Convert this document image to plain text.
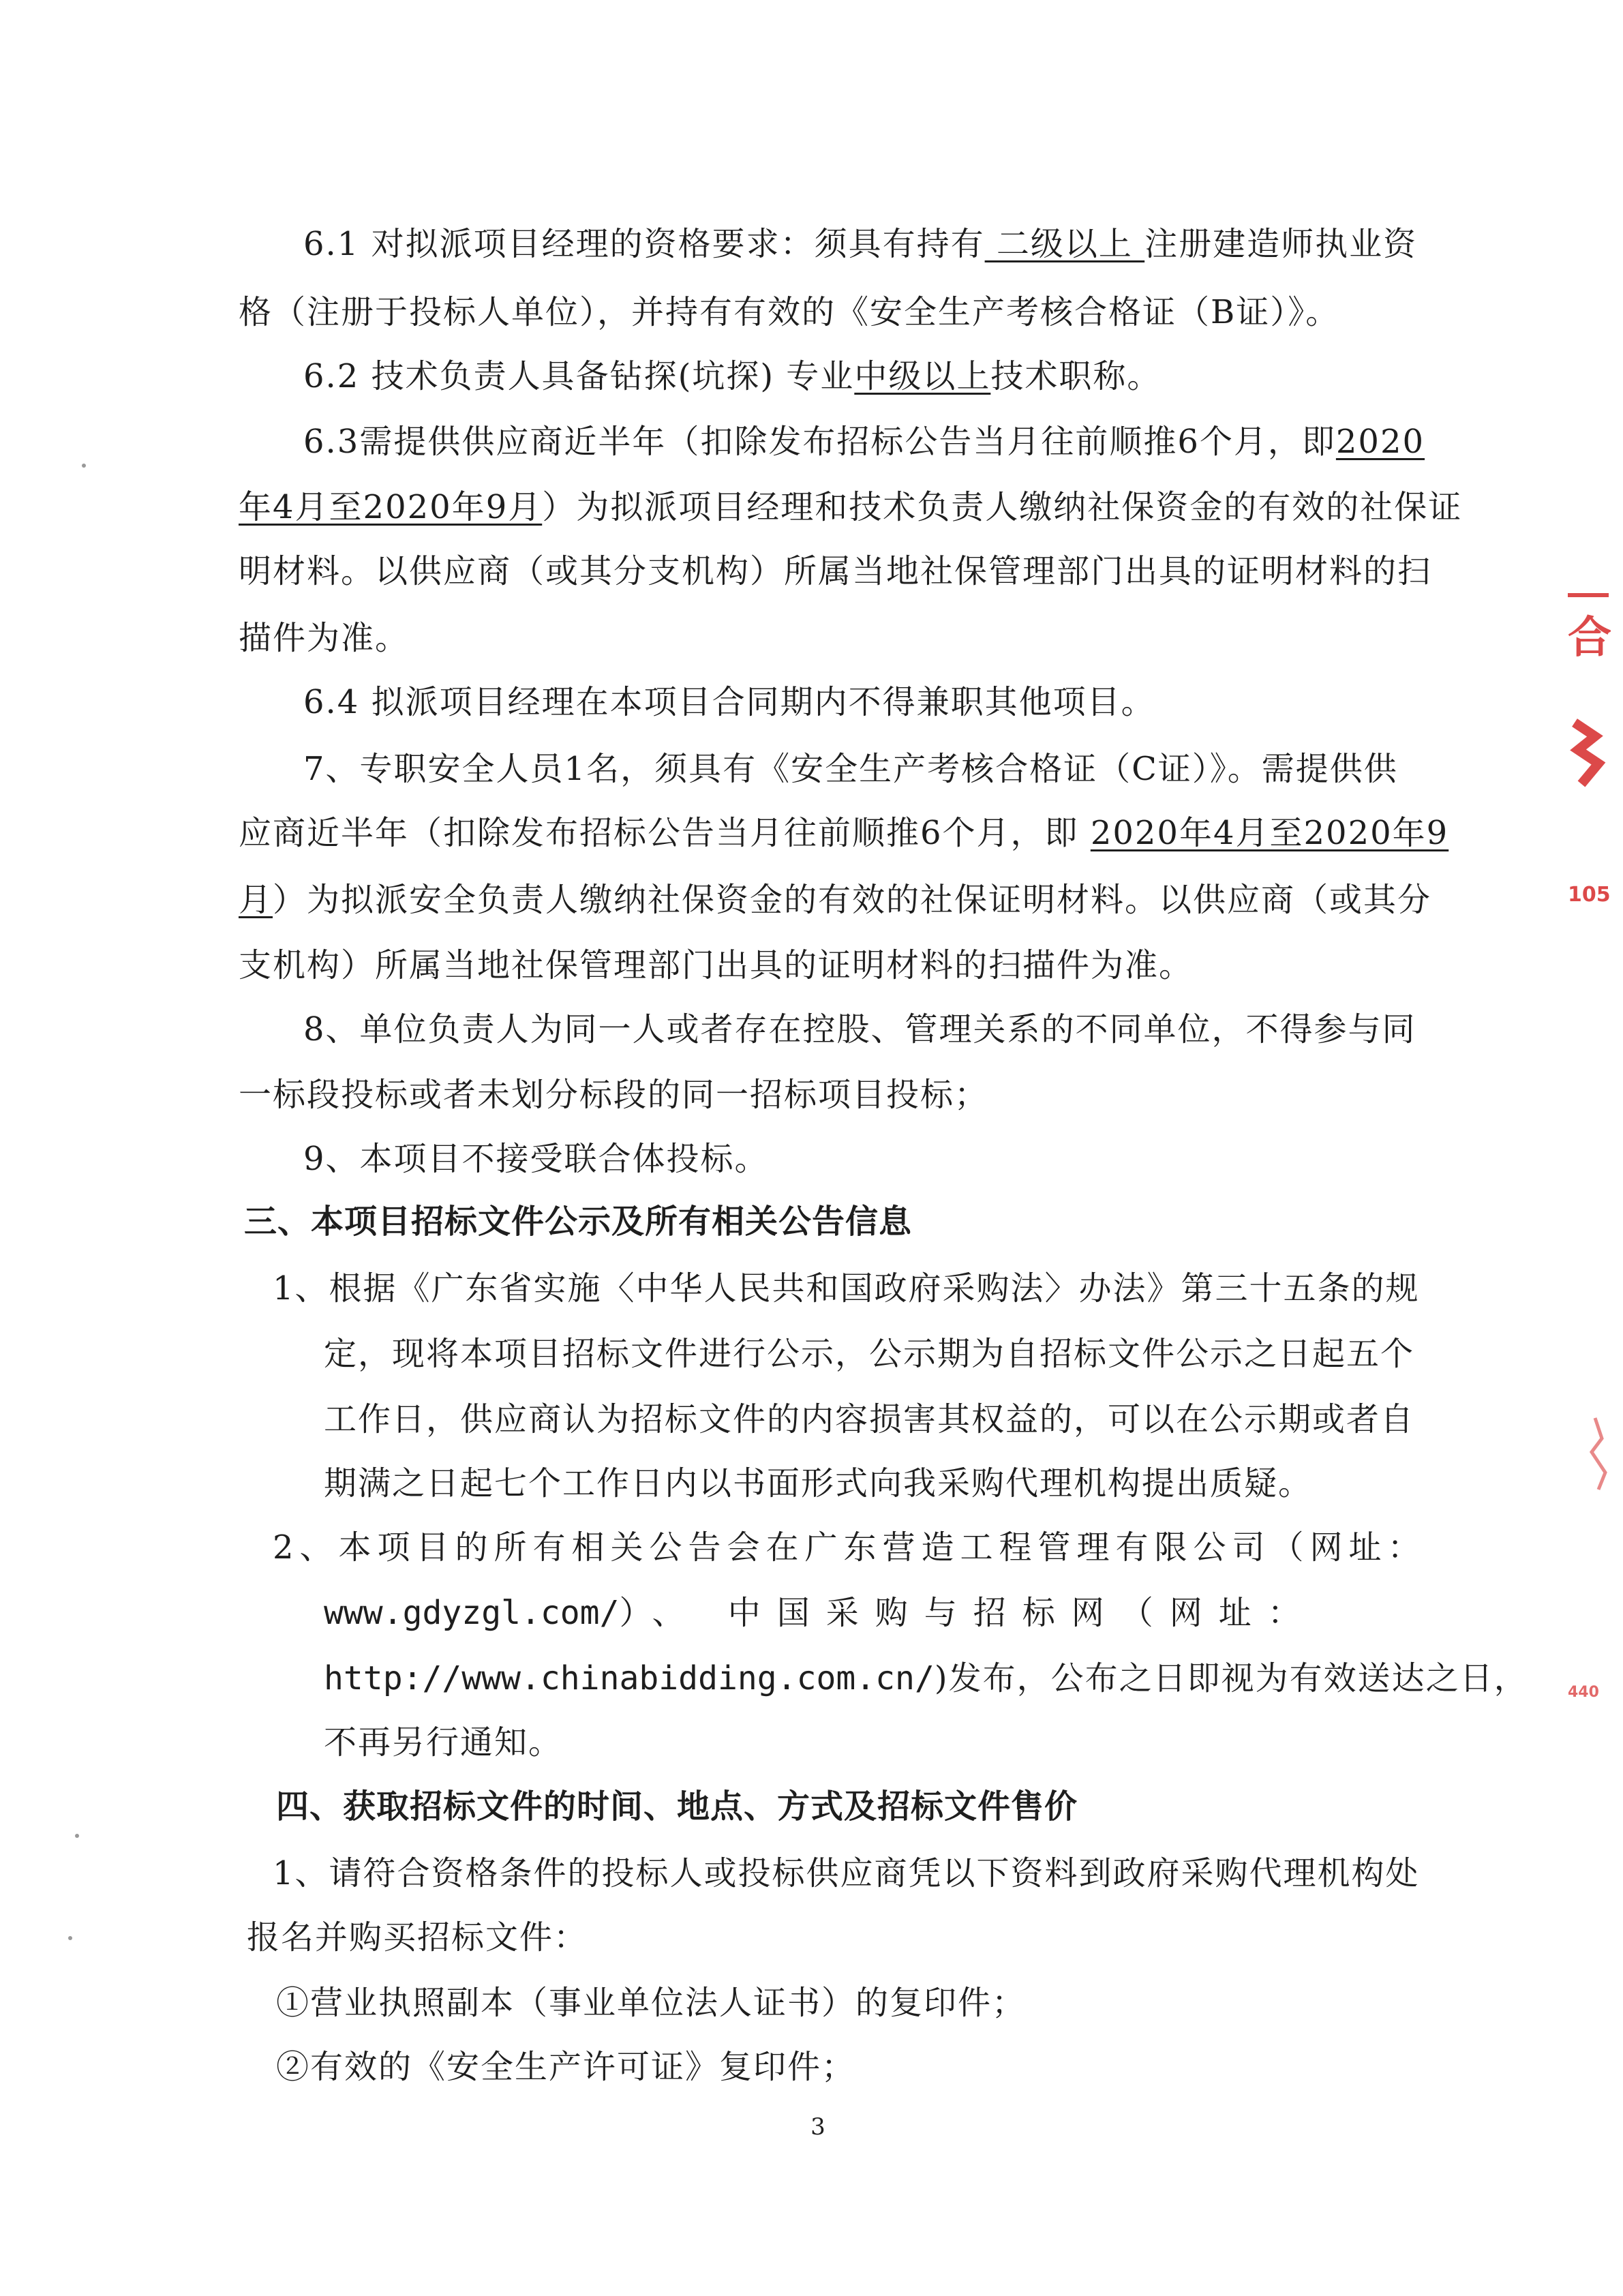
6.1 对拟派项目经理的资格要求：须具有持有 二级以上 注册建造师执业资
格（注册于投标人单位），并持有有效的《安全生产考核合格证（B证）》。
6.2 技术负责人具备钻探(坑探) 专业中级以上技术职称。
6.3需提供供应商近半年（扣除发布招标公告当月往前顺推6个月，即2020
年4月至2020年9月）为拟派项目经理和技术负责人缴纳社保资金的有效的社保证
明材料。以供应商（或其分支机构）所属当地社保管理部门出具的证明材料的扫
描件为准。
6.4 拟派项目经理在本项目合同期内不得兼职其他项目。
7、专职安全人员1名，须具有《安全生产考核合格证（C证）》。需提供供
应商近半年（扣除发布招标公告当月往前顺推6个月，即 2020年4月至2020年9
月）为拟派安全负责人缴纳社保资金的有效的社保证明材料。以供应商（或其分
支机构）所属当地社保管理部门出具的证明材料的扫描件为准。
8、单位负责人为同一人或者存在控股、管理关系的不同单位，不得参与同
一标段投标或者未划分标段的同一招标项目投标；
9、本项目不接受联合体投标。
三、本项目招标文件公示及所有相关公告信息
1、根据《广东省实施〈中华人民共和国政府采购法〉办法》第三十五条的规
定，现将本项目招标文件进行公示，公示期为自招标文件公示之日起五个
工作日，供应商认为招标文件的内容损害其权益的，可以在公示期或者自
期满之日起七个工作日内以书面形式向我采购代理机构提出质疑。
2、本项目的所有相关公告会在广东营造工程管理有限公司（网址：
www.gdyzgl.com/）、 中国采购与招标网（网址：
http://www.chinabidding.com.cn/)发布，公布之日即视为有效送达之日，
不再另行通知。
四、获取招标文件的时间、地点、方式及招标文件售价
1、请符合资格条件的投标人或投标供应商凭以下资料到政府采购代理机构处
报名并购买招标文件：
①营业执照副本（事业单位法人证书）的复印件；
②有效的《安全生产许可证》复印件；
3
合
105
440
